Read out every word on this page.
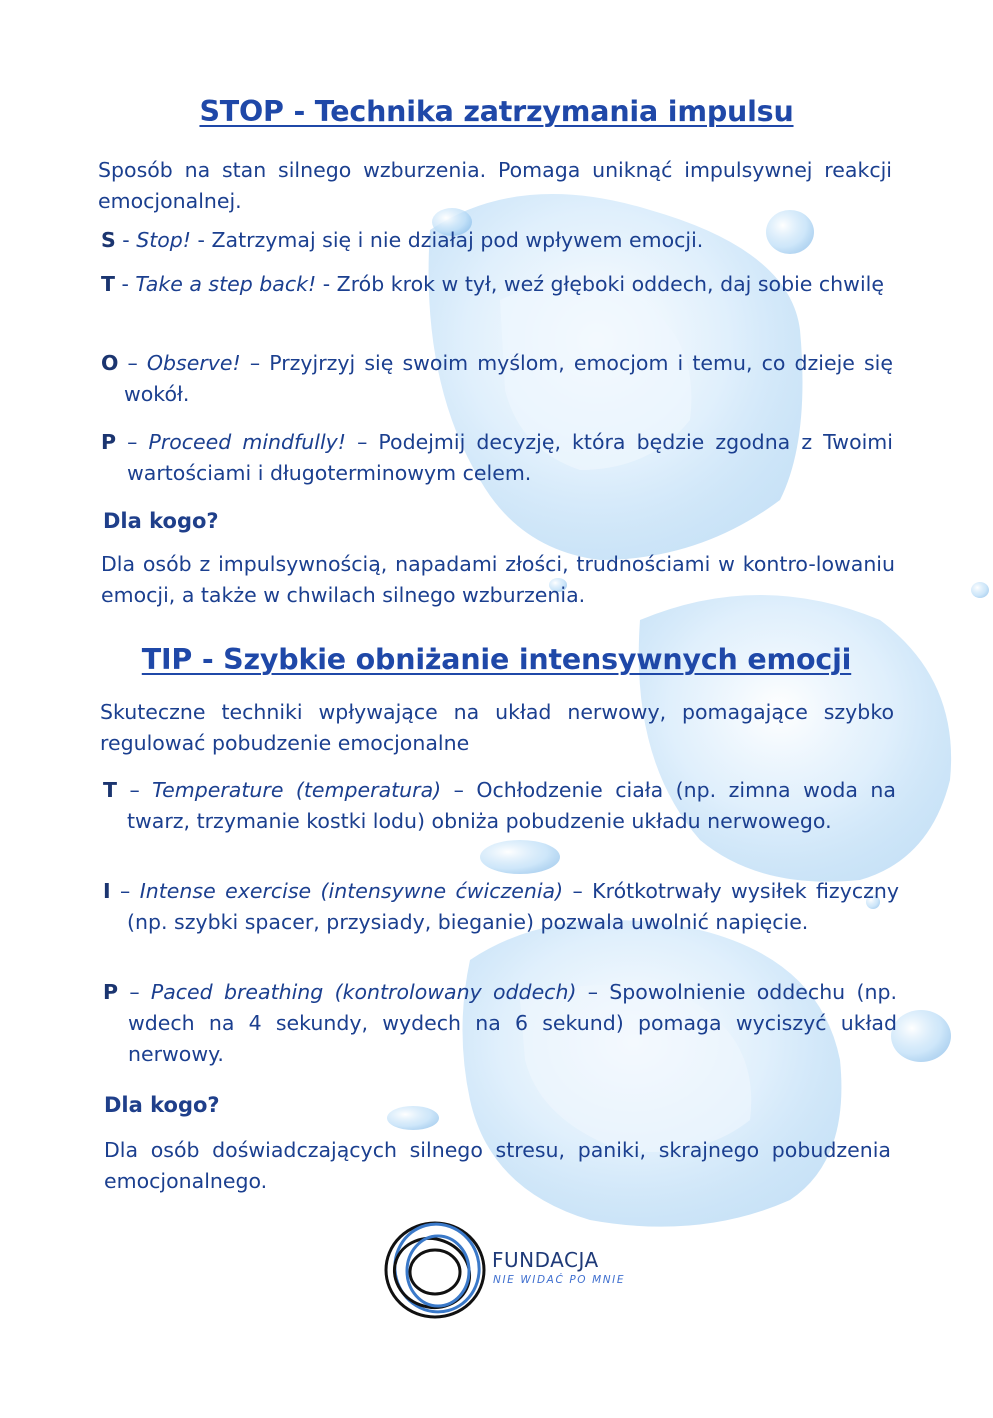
STOP - Technika zatrzymania impulsu

Sposób na stan silnego wzburzenia. Pomaga uniknąć impulsywnej reakcji emocjonalnej.

S - Stop! - Zatrzymaj się i nie działaj pod wpływem emocji.

T - Take a step back! - Zrób krok w tył, weź głęboki oddech, daj sobie chwilę

O – Observe! – Przyjrzyj się swoim myślom, emocjom i temu, co dzieje się wokół.

P – Proceed mindfully! – Podejmij decyzję, która będzie zgodna z Twoimi wartościami i długoterminowym celem.

Dla kogo?

Dla osób z impulsywnością, napadami złości, trudnościami w kontro-lowaniu emocji, a także w chwilach silnego wzburzenia.

TIP - Szybkie obniżanie intensywnych emocji

Skuteczne techniki wpływające na układ nerwowy, pomagające szybko regulować pobudzenie emocjonalne

T – Temperature (temperatura) – Ochłodzenie ciała (np. zimna woda na twarz, trzymanie kostki lodu) obniża pobudzenie układu nerwowego.

I – Intense exercise (intensywne ćwiczenia) – Krótkotrwały wysiłek fizyczny (np. szybki spacer, przysiady, bieganie) pozwala uwolnić napięcie.

P – Paced breathing (kontrolowany oddech) – Spowolnienie oddechu (np. wdech na 4 sekundy, wydech na 6 sekund) pomaga wyciszyć układ nerwowy.

Dla kogo?

Dla osób doświadczających silnego stresu, paniki, skrajnego pobudzenia emocjonalnego.

FUNDACJA
NIE WIDAĆ PO MNIE
